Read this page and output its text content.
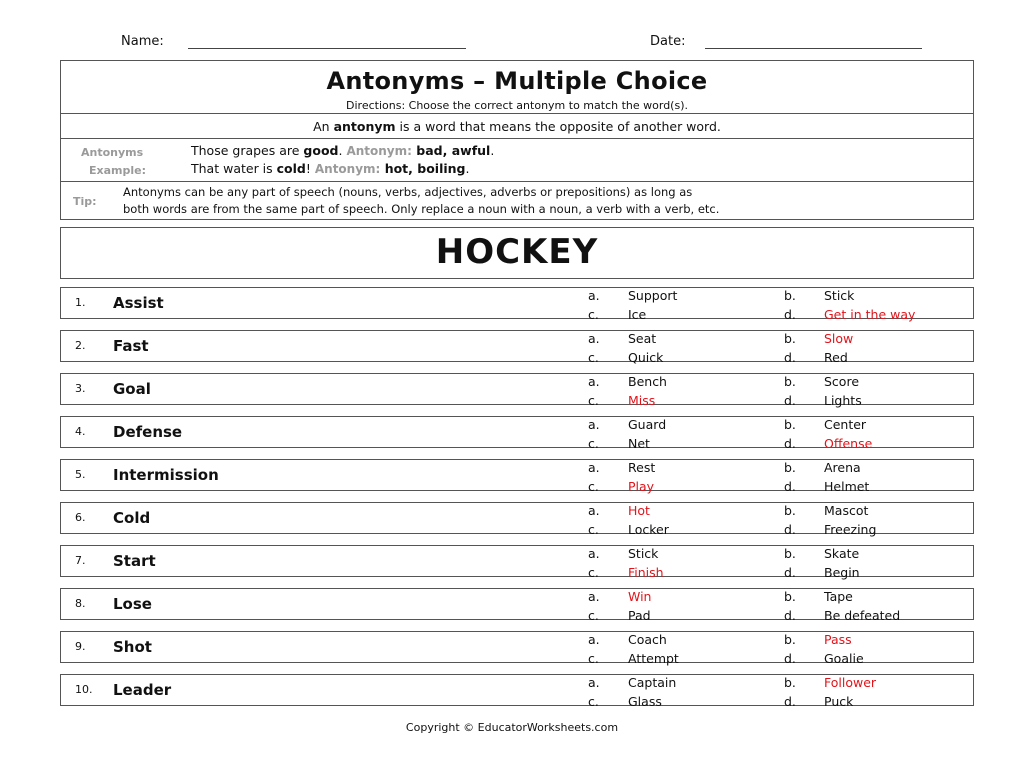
Name:	Date:
Antonyms – Multiple Choice
Directions: Choose the correct antonym to match the word(s).
An antonym is a word that means the opposite of another word.
Antonyms
Example:
Those grapes are good. Antonym: bad, awful.
That water is cold! Antonym: hot, boiling.
Tip:
Antonyms can be any part of speech (nouns, verbs, adjectives, adverbs or prepositions) as long as
both words are from the same part of speech. Only replace a noun with a noun, a verb with a verb, etc.
HOCKEY
1. Assist	a. Support	b. Stick
c. Ice	d. Get in the way
2. Fast	a. Seat	b. Slow
c. Quick	d. Red
3. Goal	a. Bench	b. Score
c. Miss	d. Lights
4. Defense	a. Guard	b. Center
c. Net	d. Offense
5. Intermission	a. Rest	b. Arena
c. Play	d. Helmet
6. Cold	a. Hot	b. Mascot
c. Locker	d. Freezing
7. Start	a. Stick	b. Skate
c. Finish	d. Begin
8. Lose	a. Win	b. Tape
c. Pad	d. Be defeated
9. Shot	a. Coach	b. Pass
c. Attempt	d. Goalie
10. Leader	a. Captain	b. Follower
c. Glass	d. Puck
Copyright © EducatorWorksheets.com
